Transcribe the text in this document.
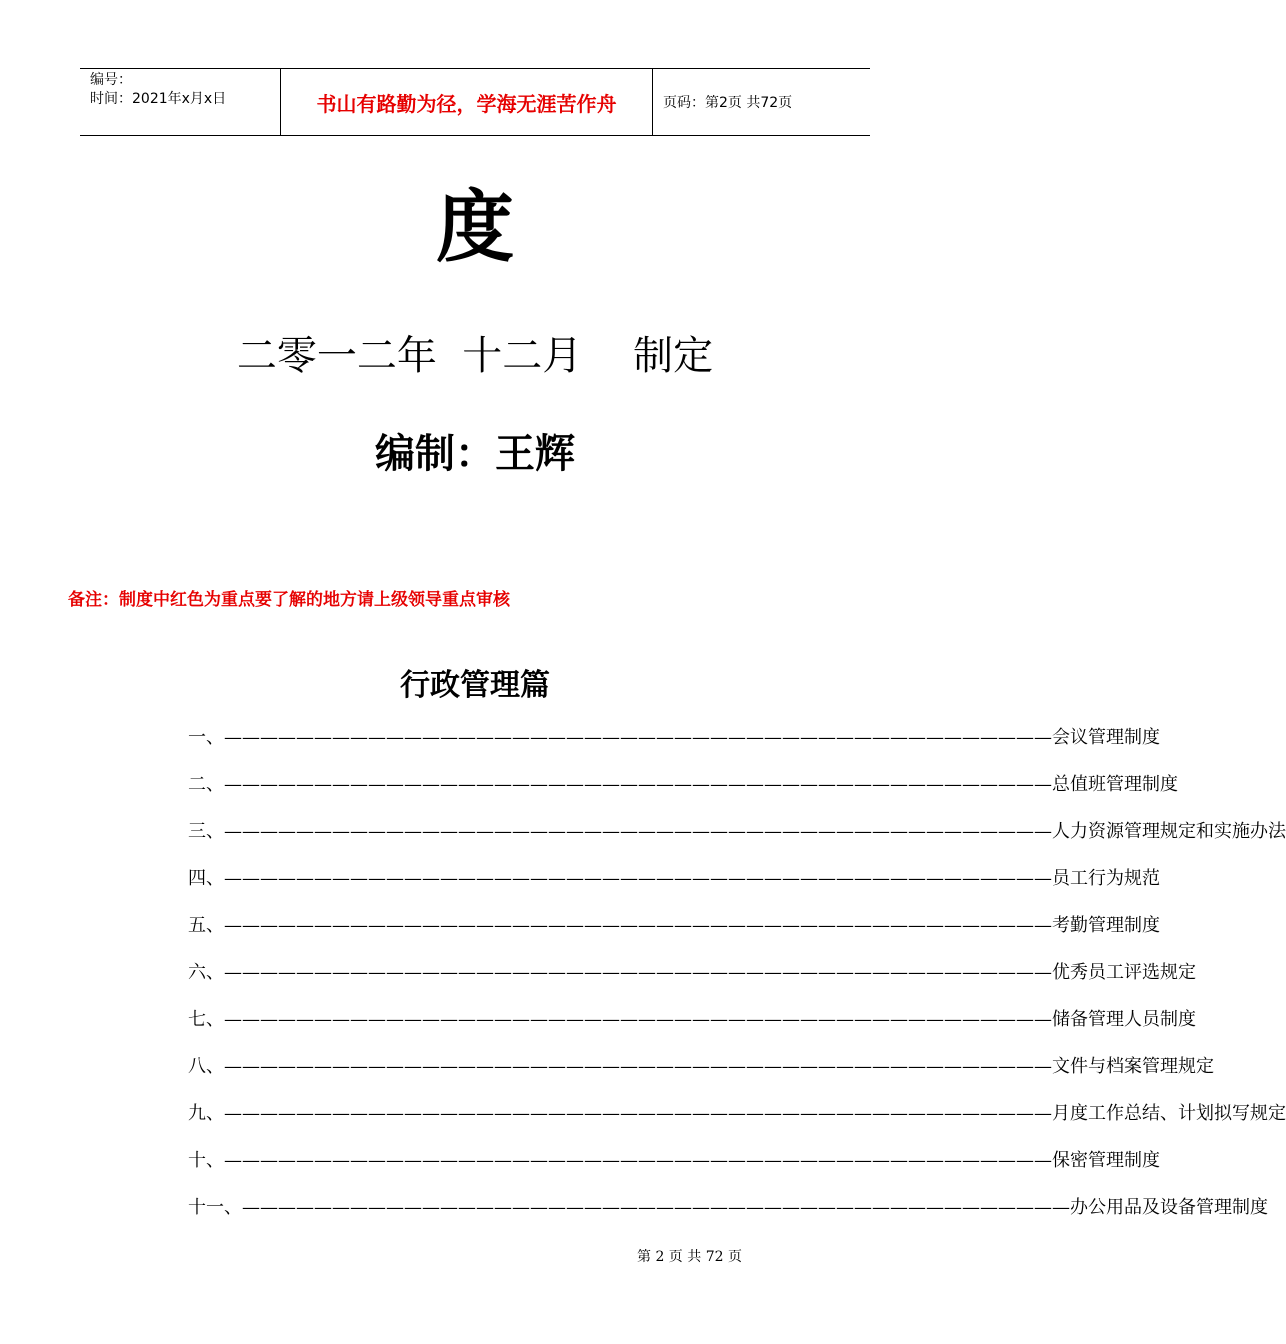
编号：
时间：2021年x月x日	书山有路勤为径，学海无涯苦作舟	页码：第2页 共72页
度
二零一二年  十二月    制定
编制：王辉
备注：制度中红色为重点要了解的地方请上级领导重点审核
行政管理篇
一、 —————————————————————————————————————————————— 会议管理制度
二、 —————————————————————————————————————————————— 总值班管理制度
三、 —————————————————————————————————————————————— 人力资源管理规定和实施办法
四、 —————————————————————————————————————————————— 员工行为规范
五、 —————————————————————————————————————————————— 考勤管理制度
六、 —————————————————————————————————————————————— 优秀员工评选规定
七、 —————————————————————————————————————————————— 储备管理人员制度
八、 —————————————————————————————————————————————— 文件与档案管理规定
九、 —————————————————————————————————————————————— 月度工作总结、计划拟写规定
十、 —————————————————————————————————————————————— 保密管理制度
十一、 —————————————————————————————————————————————— 办公用品及设备管理制度
第 2 页 共 72 页
